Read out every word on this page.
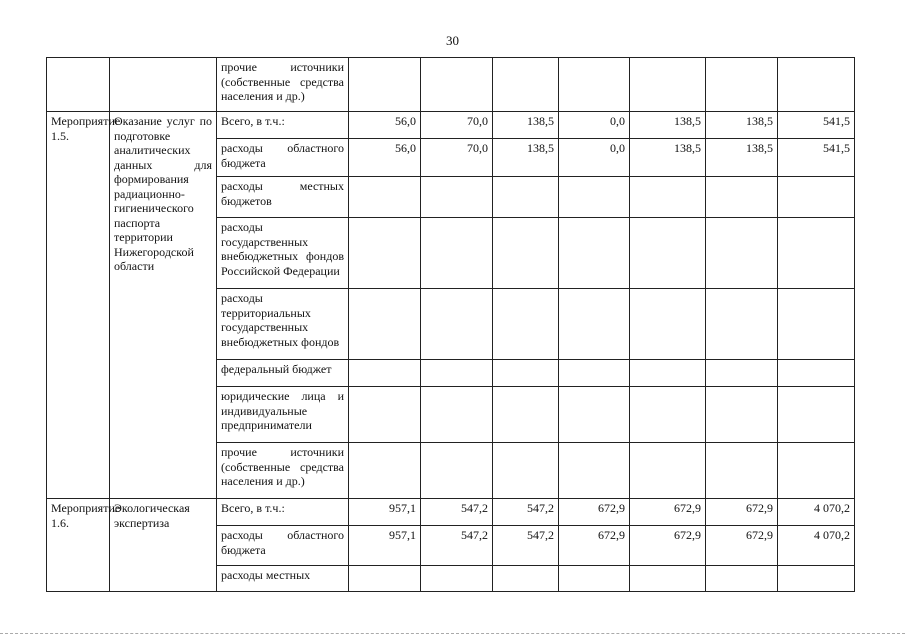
30
		прочие источники (собственные средства населения и др.)							
Мероприятие 1.5.	Оказание услуг по подготовке аналитических данных для формирования радиационно-гигиенического паспорта территории Нижегородской области	Всего, в т.ч.:	56,0	70,0	138,5	0,0	138,5	138,5	541,5
		расходы областного бюджета	56,0	70,0	138,5	0,0	138,5	138,5	541,5
		расходы местных бюджетов							
		расходы государственных внебюджетных фондов Российской Федерации							
		расходы территориальных государственных внебюджетных фондов							
		федеральный бюджет							
		юридические лица и индивидуальные предприниматели							
		прочие источники (собственные средства населения и др.)							
Мероприятие 1.6.	Экологическая экспертиза	Всего, в т.ч.:	957,1	547,2	547,2	672,9	672,9	672,9	4 070,2
		расходы областного бюджета	957,1	547,2	547,2	672,9	672,9	672,9	4 070,2
		расходы местных							
